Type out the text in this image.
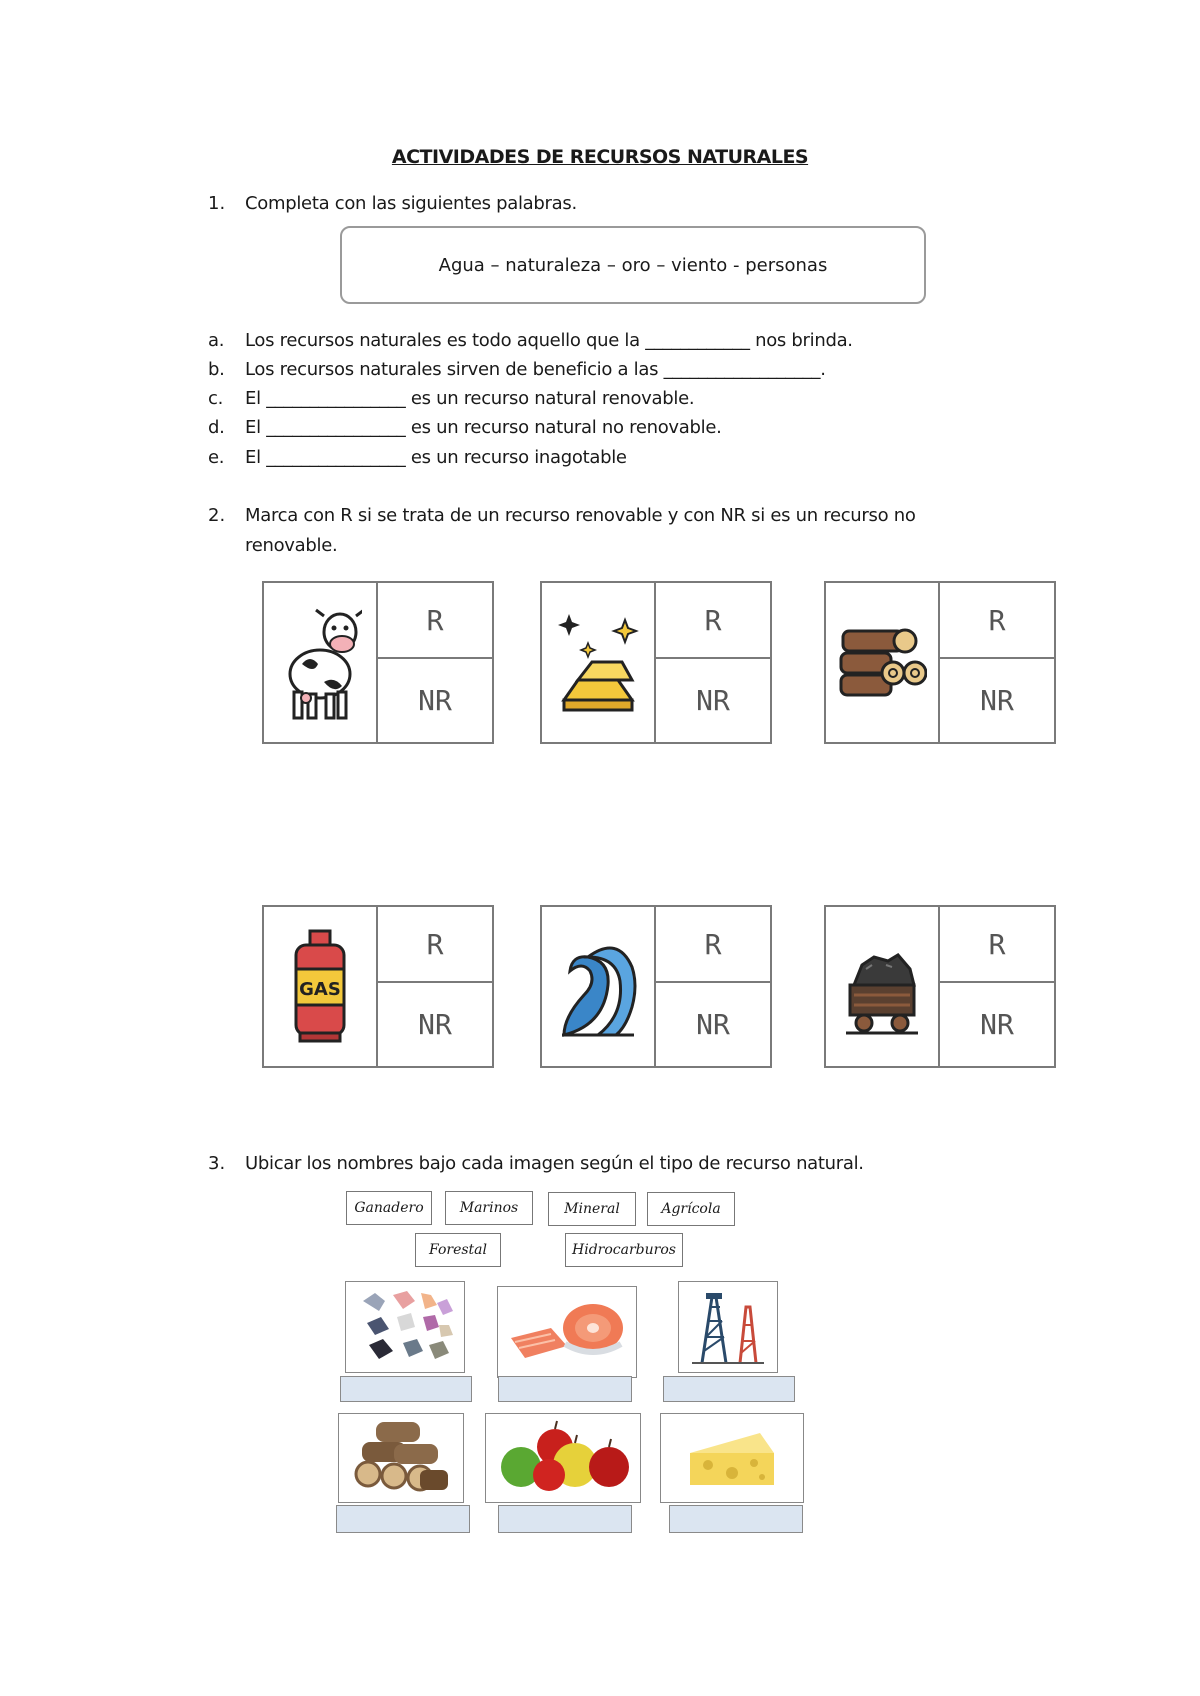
ACTIVIDADES DE RECURSOS NATURALES
1. Completa con las siguientes palabras.
Agua – naturaleza – oro – viento - personas
a. Los recursos naturales es todo aquello que la ____________ nos brinda.
b. Los recursos naturales sirven de beneficio a las __________________.
c. El ________________ es un recurso natural renovable.
d. El ________________ es un recurso natural no renovable.
e. El ________________ es un recurso inagotable
2. Marca con R si se trata de un recurso renovable y con NR si es un recurso no
renovable.
R
NR
R
NR
R
NR
GAS
R
NR
R
NR
R
NR
3. Ubicar los nombres bajo cada imagen según el tipo de recurso natural.
Ganadero	Marinos	Mineral	Agrícola
Forestal	Hidrocarburos
